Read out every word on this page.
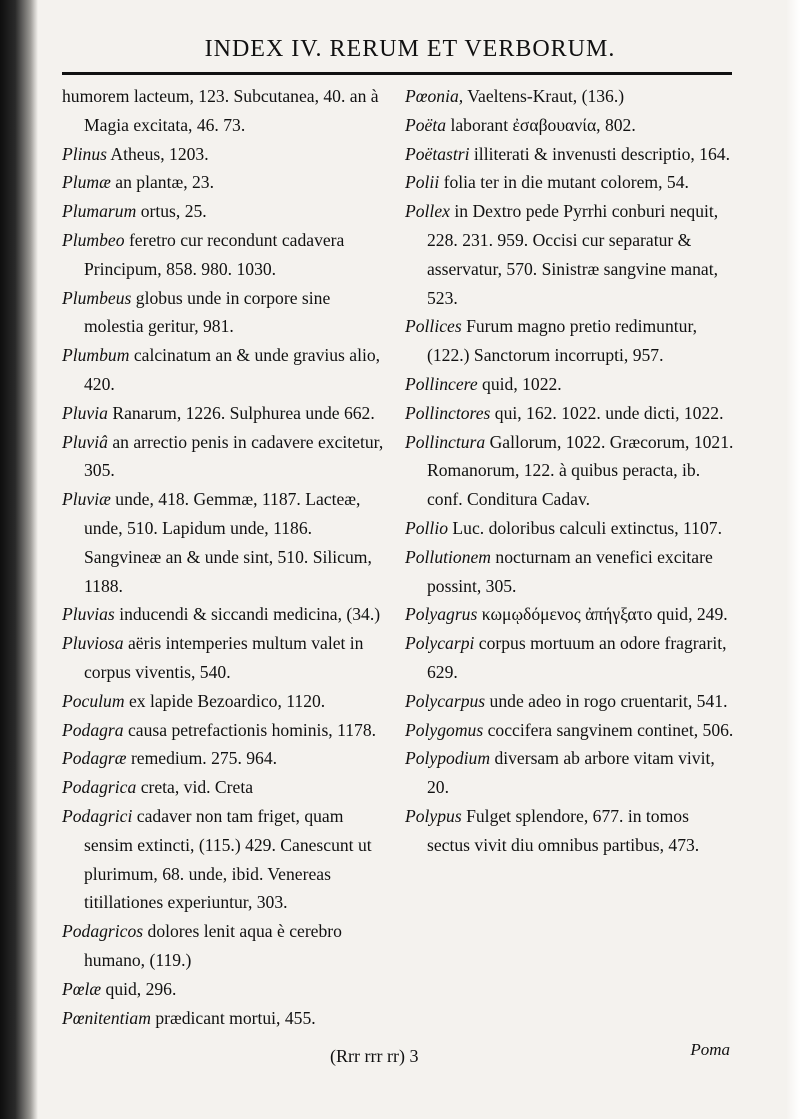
INDEX IV. RERUM ET VERBORUM.

humorem lacteum, 123. Subcutanea, 40. an à Magia excitata, 46. 73.

Plinus Atheus, 1203.

Plumæ an plantæ, 23.

Plumarum ortus, 25.

Plumbeo feretro cur recondunt cadavera Principum, 858. 980. 1030.

Plumbeus globus unde in corpore sine molestia geritur, 981.

Plumbum calcinatum an & unde gravius alio, 420.

Pluvia Ranarum, 1226. Sulphurea unde 662.

Pluviâ an arrectio penis in cadavere excitetur, 305.

Pluviæ unde, 418. Gemmæ, 1187. Lacteæ, unde, 510. Lapidum unde, 1186. Sangvineæ an & unde sint, 510. Silicum, 1188.

Pluvias inducendi & siccandi medicina, (34.)

Pluviosa aëris intemperies multum valet in corpus viventis, 540.

Poculum ex lapide Bezoardico, 1120.

Podagra causa petrefactionis hominis, 1178.

Podagræ remedium. 275. 964.

Podagrica creta, vid. Creta

Podagrici cadaver non tam friget, quam sensim extincti, (115.) 429. Canescunt ut plurimum, 68. unde, ibid. Venereas titillationes experiuntur, 303.

Podagricos dolores lenit aqua è cerebro humano, (119.)

Pœlæ quid, 296.

Pœnitentiam prædicant mortui, 455.

Pœonia, Vaeltens-Kraut, (136.)

Poëta laborant ἐσαβουανία, 802.

Poëtastri illiterati & invenusti descriptio, 164.

Polii folia ter in die mutant colorem, 54.

Pollex in Dextro pede Pyrrhi conburi nequit, 228. 231. 959. Occisi cur separatur & asservatur, 570. Sinistræ sangvine manat, 523.

Pollices Furum magno pretio redimuntur, (122.) Sanctorum incorrupti, 957.

Pollincere quid, 1022.

Pollinctores qui, 162. 1022. unde dicti, 1022.

Pollinctura Gallorum, 1022. Græcorum, 1021. Romanorum, 122. à quibus peracta, ib. conf. Conditura Cadav.

Pollio Luc. doloribus calculi extinctus, 1107.

Pollutionem nocturnam an venefici excitare possint, 305.

Polyagrus κωμῳδόμενος ἀπήγξατο quid, 249.

Polycarpi corpus mortuum an odore fragrarit, 629.

Polycarpus unde adeo in rogo cruentarit, 541.

Polygomus coccifera sangvinem continet, 506.

Polypodium diversam ab arbore vitam vivit, 20.

Polypus Fulget splendore, 677. in tomos sectus vivit diu omnibus partibus, 473.

(Rrr rrr rr) 3	Poma
